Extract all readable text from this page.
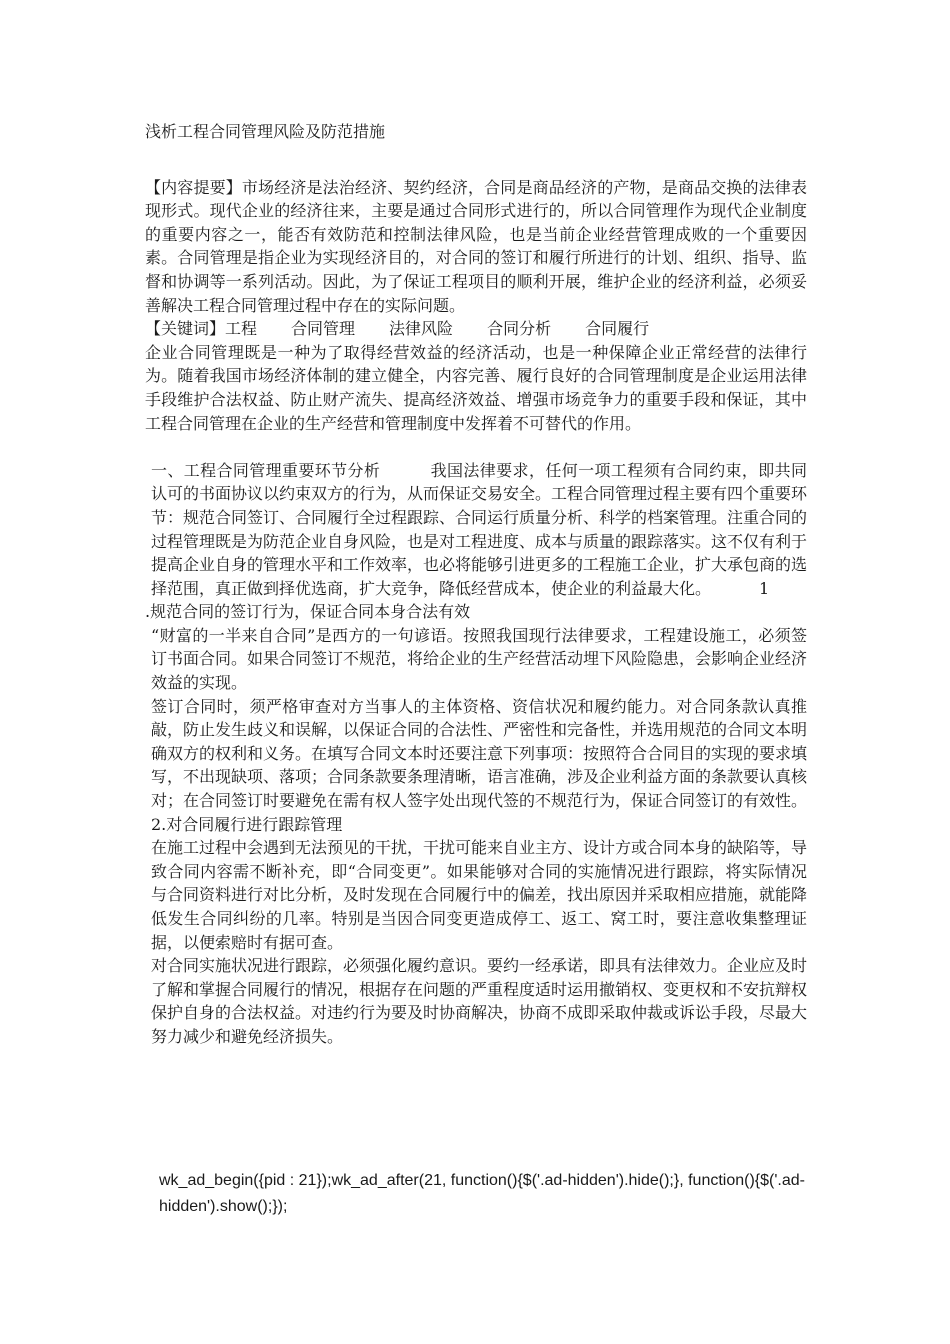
浅析工程合同管理风险及防范措施

【内容提要】市场经济是法治经济、契约经济，合同是商品经济的产物，是商品交换的法律表现形式。现代企业的经济往来，主要是通过合同形式进行的，所以合同管理作为现代企业制度的重要内容之一，能否有效防范和控制法律风险，也是当前企业经营管理成败的一个重要因素。合同管理是指企业为实现经济目的，对合同的签订和履行所进行的计划、组织、指导、监督和协调等一系列活动。因此，为了保证工程项目的顺利开展，维护企业的经济利益，必须妥善解决工程合同管理过程中存在的实际问题。

【关键词】工程 合同管理 法律风险 合同分析 合同履行

企业合同管理既是一种为了取得经营效益的经济活动，也是一种保障企业正常经营的法律行为。随着我国市场经济体制的建立健全，内容完善、履行良好的合同管理制度是企业运用法律手段维护合法权益、防止财产流失、提高经济效益、增强市场竞争力的重要手段和保证，其中工程合同管理在企业的生产经营和管理制度中发挥着不可替代的作用。

一、工程合同管理重要环节分析	我国法律要求，任何一项工程须有合同约束，即共同认可的书面协议以约束双方的行为，从而保证交易安全。工程合同管理过程主要有四个重要环节：规范合同签订、合同履行全过程跟踪、合同运行质量分析、科学的档案管理。注重合同的过程管理既是为防范企业自身风险，也是对工程进度、成本与质量的跟踪落实。这不仅有利于提高企业自身的管理水平和工作效率，也必将能够引进更多的工程施工企业，扩大承包商的选择范围，真正做到择优选商，扩大竞争，降低经营成本，使企业的利益最大化。	1

.规范合同的签订行为，保证合同本身合法有效

“财富的一半来自合同”是西方的一句谚语。按照我国现行法律要求，工程建设施工，必须签订书面合同。如果合同签订不规范，将给企业的生产经营活动埋下风险隐患，会影响企业经济效益的实现。

签订合同时，须严格审查对方当事人的主体资格、资信状况和履约能力。对合同条款认真推敲，防止发生歧义和误解，以保证合同的合法性、严密性和完备性，并选用规范的合同文本明确双方的权利和义务。在填写合同文本时还要注意下列事项：按照符合合同目的实现的要求填写，不出现缺项、落项；合同条款要条理清晰，语言准确，涉及企业利益方面的条款要认真核对；在合同签订时要避免在需有权人签字处出现代签的不规范行为，保证合同签订的有效性。

2.对合同履行进行跟踪管理

在施工过程中会遇到无法预见的干扰，干扰可能来自业主方、设计方或合同本身的缺陷等，导致合同内容需不断补充，即“合同变更”。如果能够对合同的实施情况进行跟踪，将实际情况与合同资料进行对比分析，及时发现在合同履行中的偏差，找出原因并采取相应措施，就能降低发生合同纠纷的几率。特别是当因合同变更造成停工、返工、窝工时，要注意收集整理证据，以便索赔时有据可查。

对合同实施状况进行跟踪，必须强化履约意识。要约一经承诺，即具有法律效力。企业应及时了解和掌握合同履行的情况，根据存在问题的严重程度适时运用撤销权、变更权和不安抗辩权保护自身的合法权益。对违约行为要及时协商解决，协商不成即采取仲裁或诉讼手段，尽最大努力减少和避免经济损失。

wk_ad_begin({pid : 21});wk_ad_after(21, function(){$('.ad-hidden').hide();}, function(){$('.ad-hidden').show();});
